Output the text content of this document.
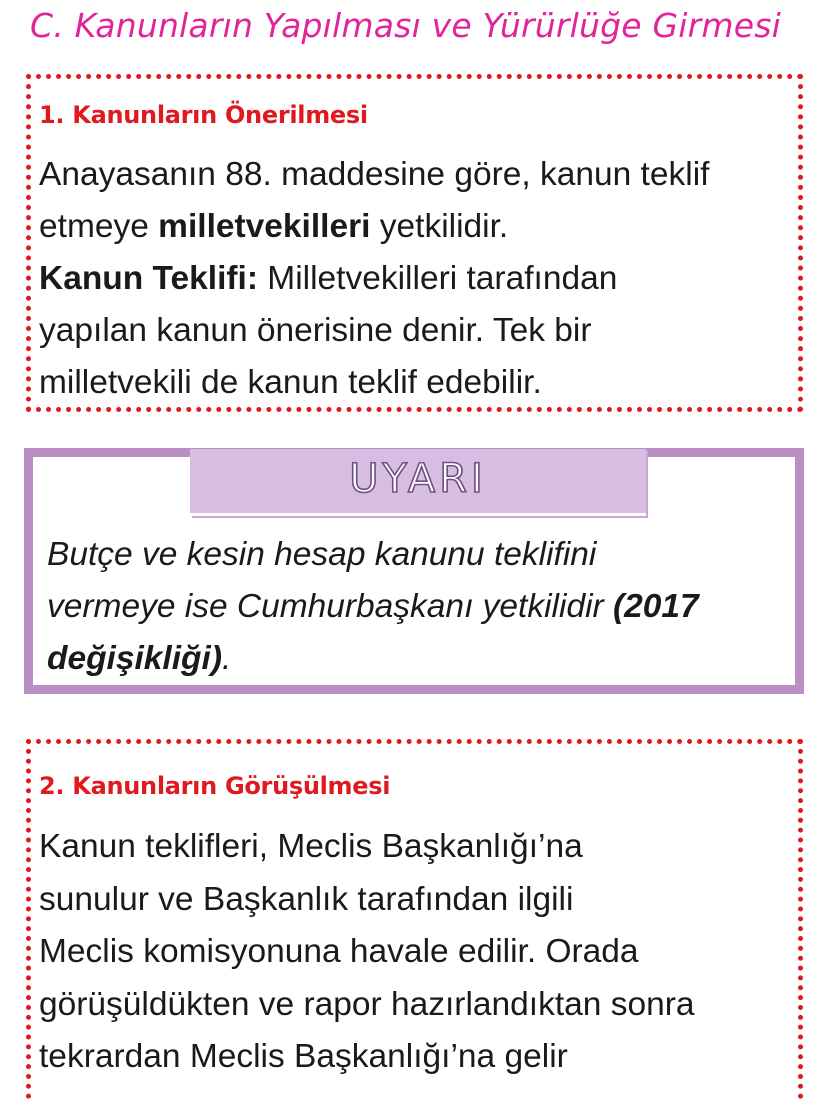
C. Kanunların Yapılması ve Yürürlüğe Girmesi
1. Kanunların Önerilmesi

Anayasanın 88. maddesine göre, kanun teklif
etmeye milletvekilleri yetkilidir.
Kanun Teklifi: Milletvekilleri tarafından
yapılan kanun önerisine denir. Tek bir
milletvekili de kanun teklif edebilir.

UYARI

Butçe ve kesin hesap kanunu teklifini
vermeye ise Cumhurbaşkanı yetkilidir (2017
değişikliği).

2. Kanunların Görüşülmesi

Kanun teklifleri, Meclis Başkanlığı’na
sunulur ve Başkanlık tarafından ilgili
Meclis komisyonuna havale edilir. Orada
görüşüldükten ve rapor hazırlandıktan sonra
tekrardan Meclis Başkanlığı’na gelir
